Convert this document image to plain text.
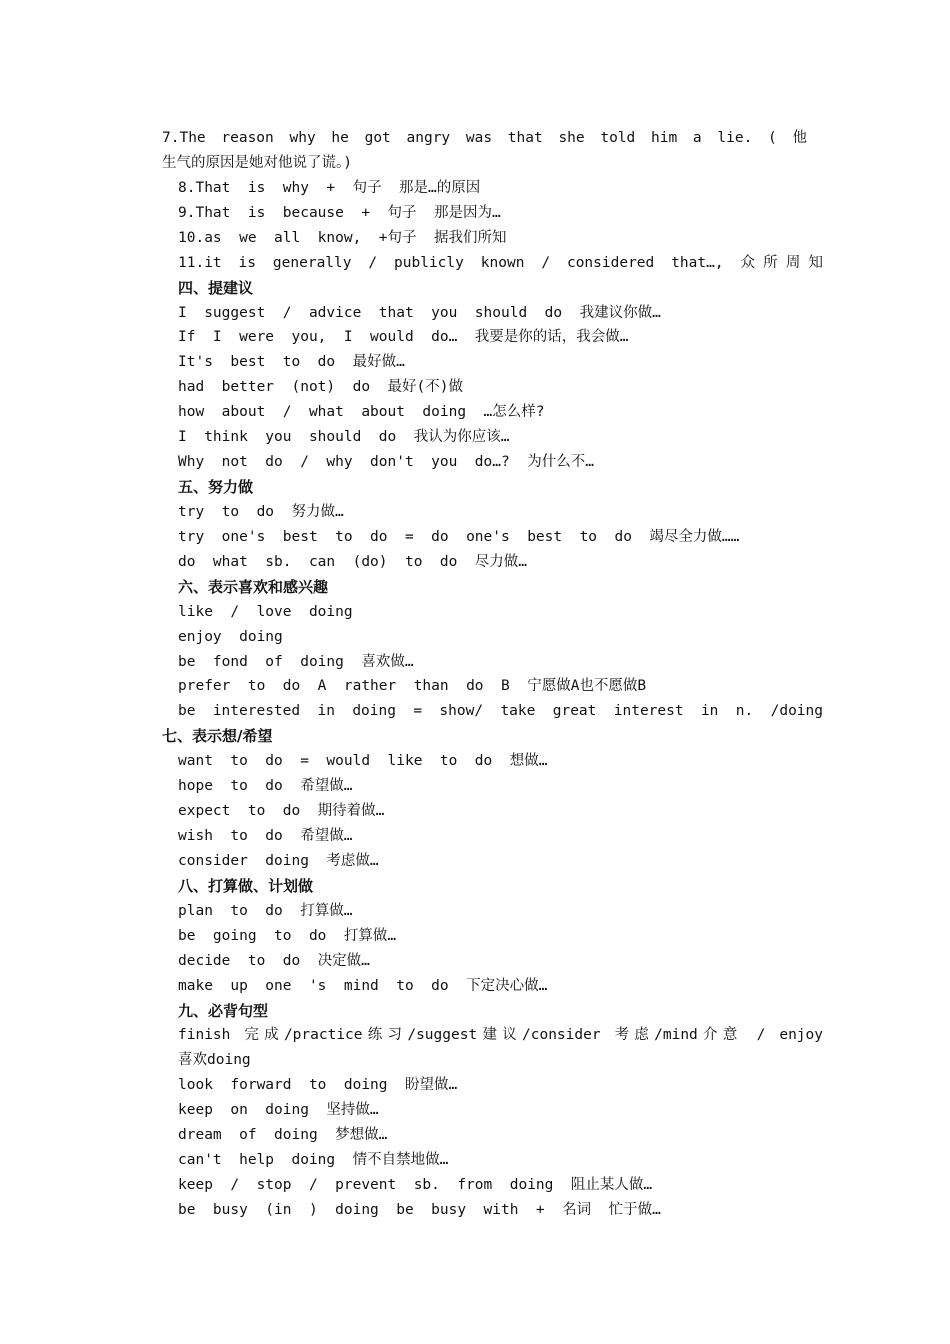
7.The reason why he got angry was that she told him a lie. ( 他
生气的原因是她对他说了谎。)
8.That  is  why  +  句子  那是…的原因
9.That  is  because  +  句子  那是因为…
10.as  we  all  know,  +句子  据我们所知
11.it is generally / publicly known / considered that…, 众所周知
四、提建议
I  suggest  /  advice  that  you  should  do  我建议你做…
If  I  were  you,  I  would  do…  我要是你的话，我会做…
It's  best  to  do  最好做…
had  better  (not)  do  最好(不)做
how  about  /  what  about  doing  …怎么样?
I  think  you  should  do  我认为你应该…
Why  not  do  /  why  don't  you  do…?  为什么不…
五、努力做
try  to  do  努力做…
try  one's  best  to  do  =  do  one's  best  to  do  竭尽全力做……
do  what  sb.  can  (do)  to  do  尽力做…
六、表示喜欢和感兴趣
like  /  love  doing
enjoy  doing
be  fond  of  doing  喜欢做…
prefer  to  do  A  rather  than  do  B  宁愿做A也不愿做B
be interested in doing = show/ take great interest in n. /doing
七、表示想/希望
want  to  do  =  would  like  to  do  想做…
hope  to  do  希望做…
expect  to  do  期待着做…
wish  to  do  希望做…
consider  doing  考虑做…
八、打算做、计划做
plan  to  do  打算做…
be  going  to  do  打算做…
decide  to  do  决定做…
make  up  one  's  mind  to  do  下定决心做…
九、必背句型
finish 完成/practice练习/suggest建议/consider 考虑/mind介意 / enjoy
喜欢doing
look  forward  to  doing  盼望做…
keep  on  doing  坚持做…
dream  of  doing  梦想做…
can't  help  doing  情不自禁地做…
keep  /  stop  /  prevent  sb.  from  doing  阻止某人做…
be  busy  (in  )  doing  be  busy  with  +  名词  忙于做…
